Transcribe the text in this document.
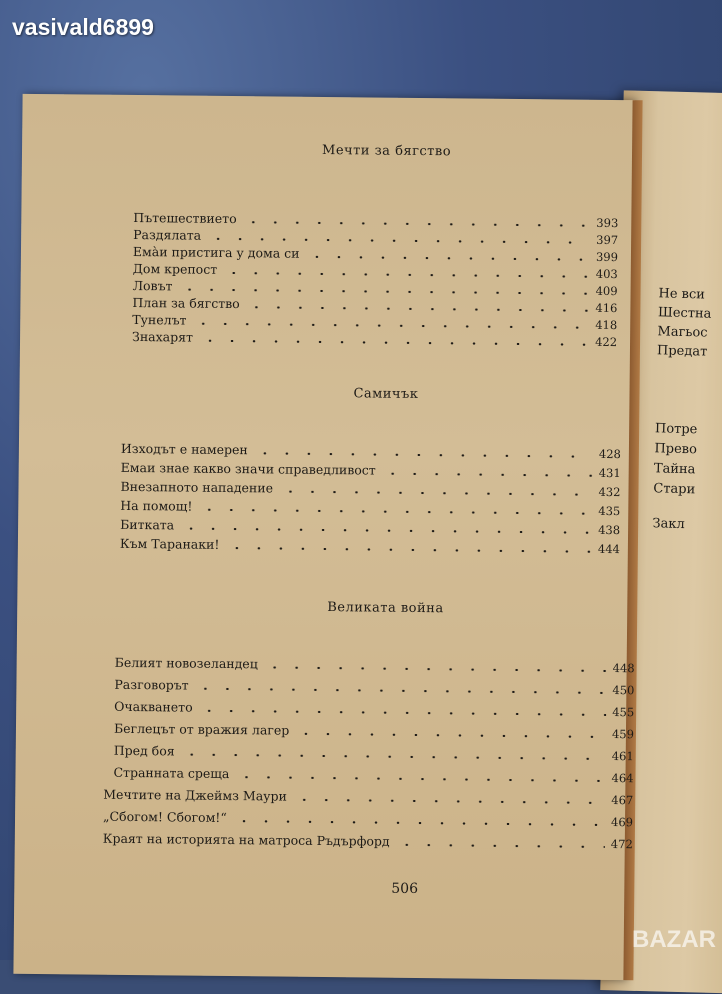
vasivald6899
Не вси
Шестна
Магьос
Предат
Потре
Прево
Тайна
Стари
Закл
Мечти за бягство
Пътешествието	393
Раздялата	397
Ема̀и пристига у дома си	399
Дом крепост	403
Ловът	409
План за бягство	416
Тунелът	418
Знахарят	422
Самичък
Изходът е намерен	428
Емаи знае какво значи справедливост	431
Внезапното нападение	432
На помощ!	435
Битката	438
Към Таранаки!	444
Великата война
Белият новозеландец	448
Разговорът	450
Очакването	455
Беглецът от вражия лагер	459
Пред боя	461
Странната среща	464
Мечтите на Джеймз Маури	467
„Сбогом! Сбогом!“	469
Краят на историята на матроса Ръдърфорд	472
506
BAZAR
